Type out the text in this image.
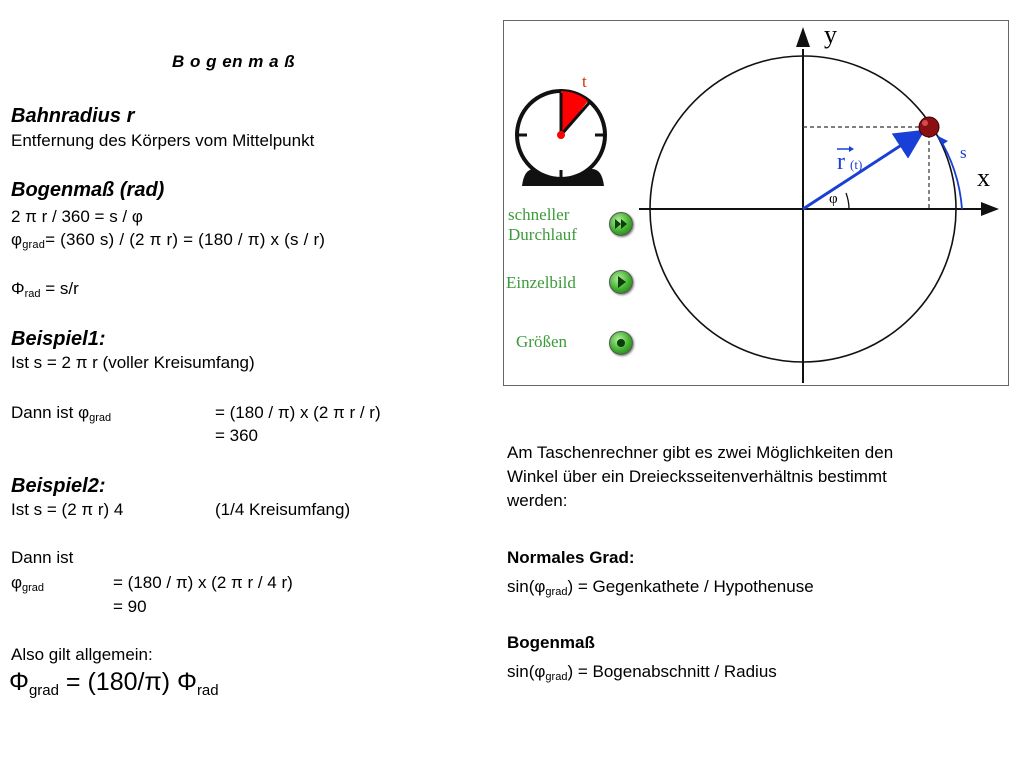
B o g en m a ß
Bahnradius r
Entfernung des Körpers vom Mittelpunkt
Bogenmaß (rad)
2 π r / 360 = s / φ
$\varphi_{grad}= (360$ s) / (2 π r) = (180 / π) x (s / r)
$\Phi_{rad} = s/r$
Beispiel1:
Ist s = 2 π r (voller Kreisumfang)
Dann ist $\varphi_{grad}$	= (180 / π) x (2 π r / r)
= 360
Beispiel2:
Ist s = (2 π r) 4	(1/4 Kreisumfang)
Dann ist
$\varphi_{grad}$	= (180 / π) x (2 π r / 4 r)
= 90
Also gilt allgemein:
$\Phi_{grad} = (180/\pi)$ $\Phi_{rad}$
t
y
x
s
φ
r (t)
schneller
Durchlauf
Einzelbild
Größen
Am Taschenrechner gibt es zwei Möglichkeiten den
Winkel über ein Dreiecksseitenverhältnis bestimmt
werden:
Normales Grad:
$\sin(\varphi_{grad})$ = Gegenkathete / Hypothenuse
Bogenmaß
$\sin(\varphi_{grad})$ = Bogenabschnitt / Radius
